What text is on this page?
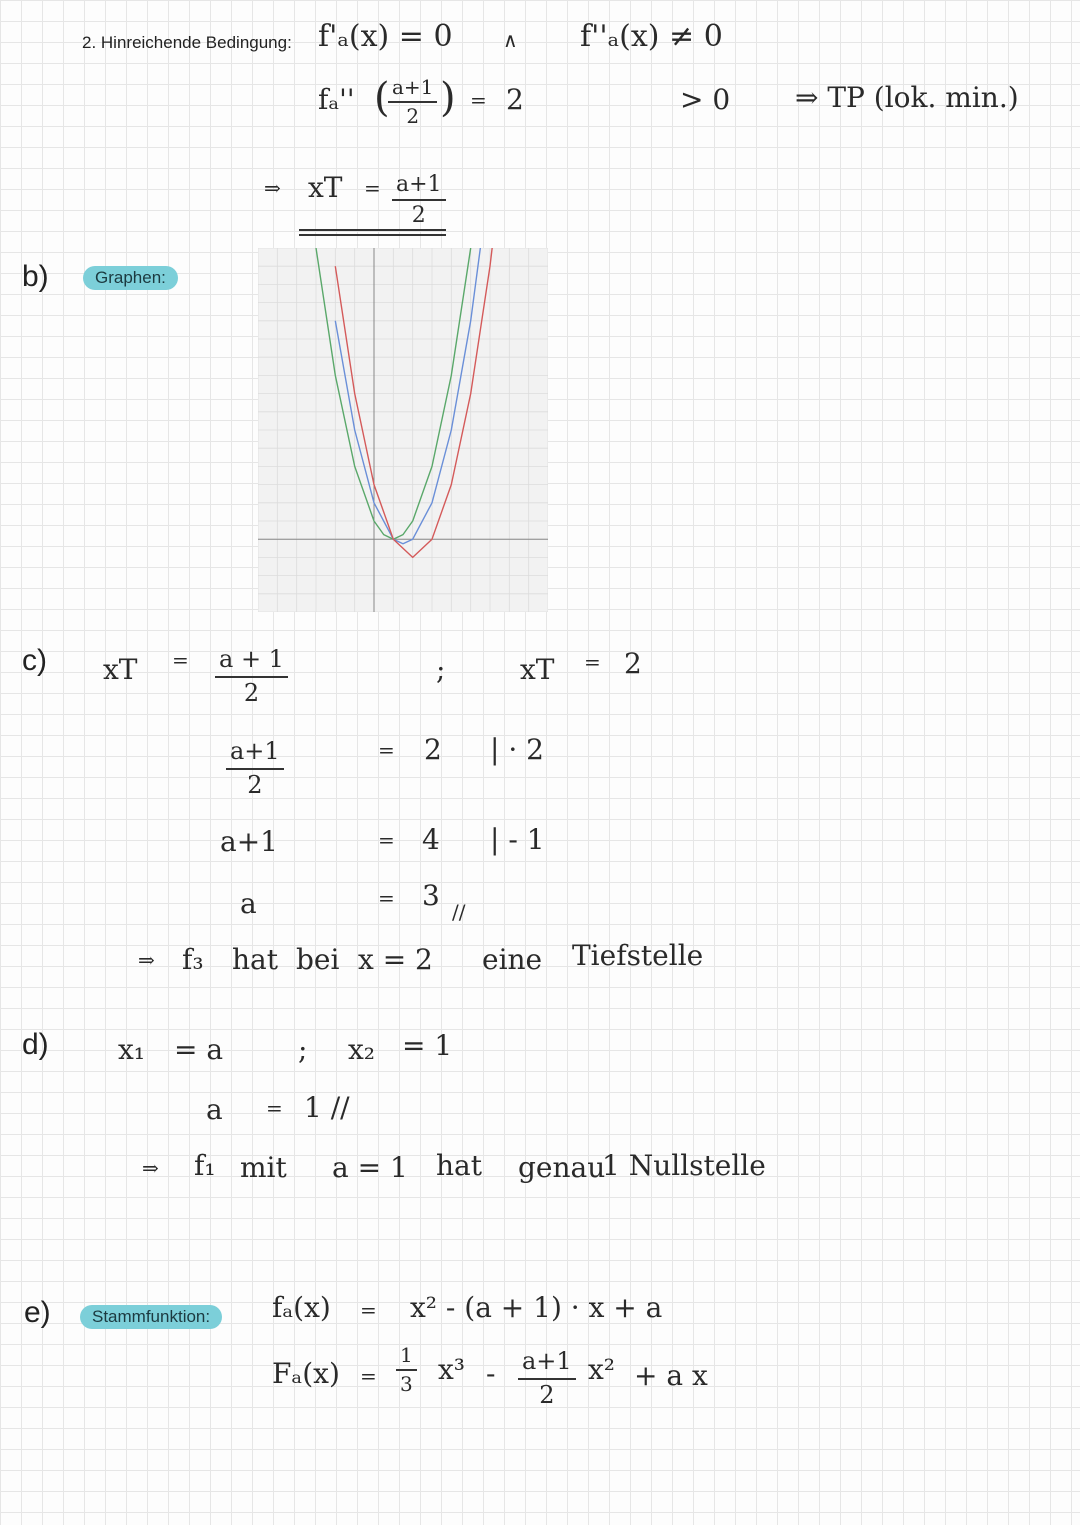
2. Hinreichende Bedingung: f'ₐ(x) = 0	∧ f''ₐ(x) ≠ 0
fₐ'' (
$\frac{a+1}{2}$ ) = 2	> 0 ⇒ TP (lok. min.)
⇒ xT = $\frac{a+1}{2}$
b)	Graphen:
c) xT = $\frac{a + 1}{2}$	;	xT = 2
$\frac{a+1}{2}$	= 2 | · 2
a+1	= 4 | - 1
a	= 3 //
⇒ f₃ hat bei x = 2 eine Tiefstelle
d) x₁ = a	; x₂ = 1
a = 1 //
⇒ f₁ mit a = 1 hat genau
1 Nullstelle
e)	Stammfunktion:	fₐ(x) = x² - (a + 1) · x + a
$F_a(x) = \frac{1}{3} x^3 - \frac{a+1}{2} x^2 + a$ x
